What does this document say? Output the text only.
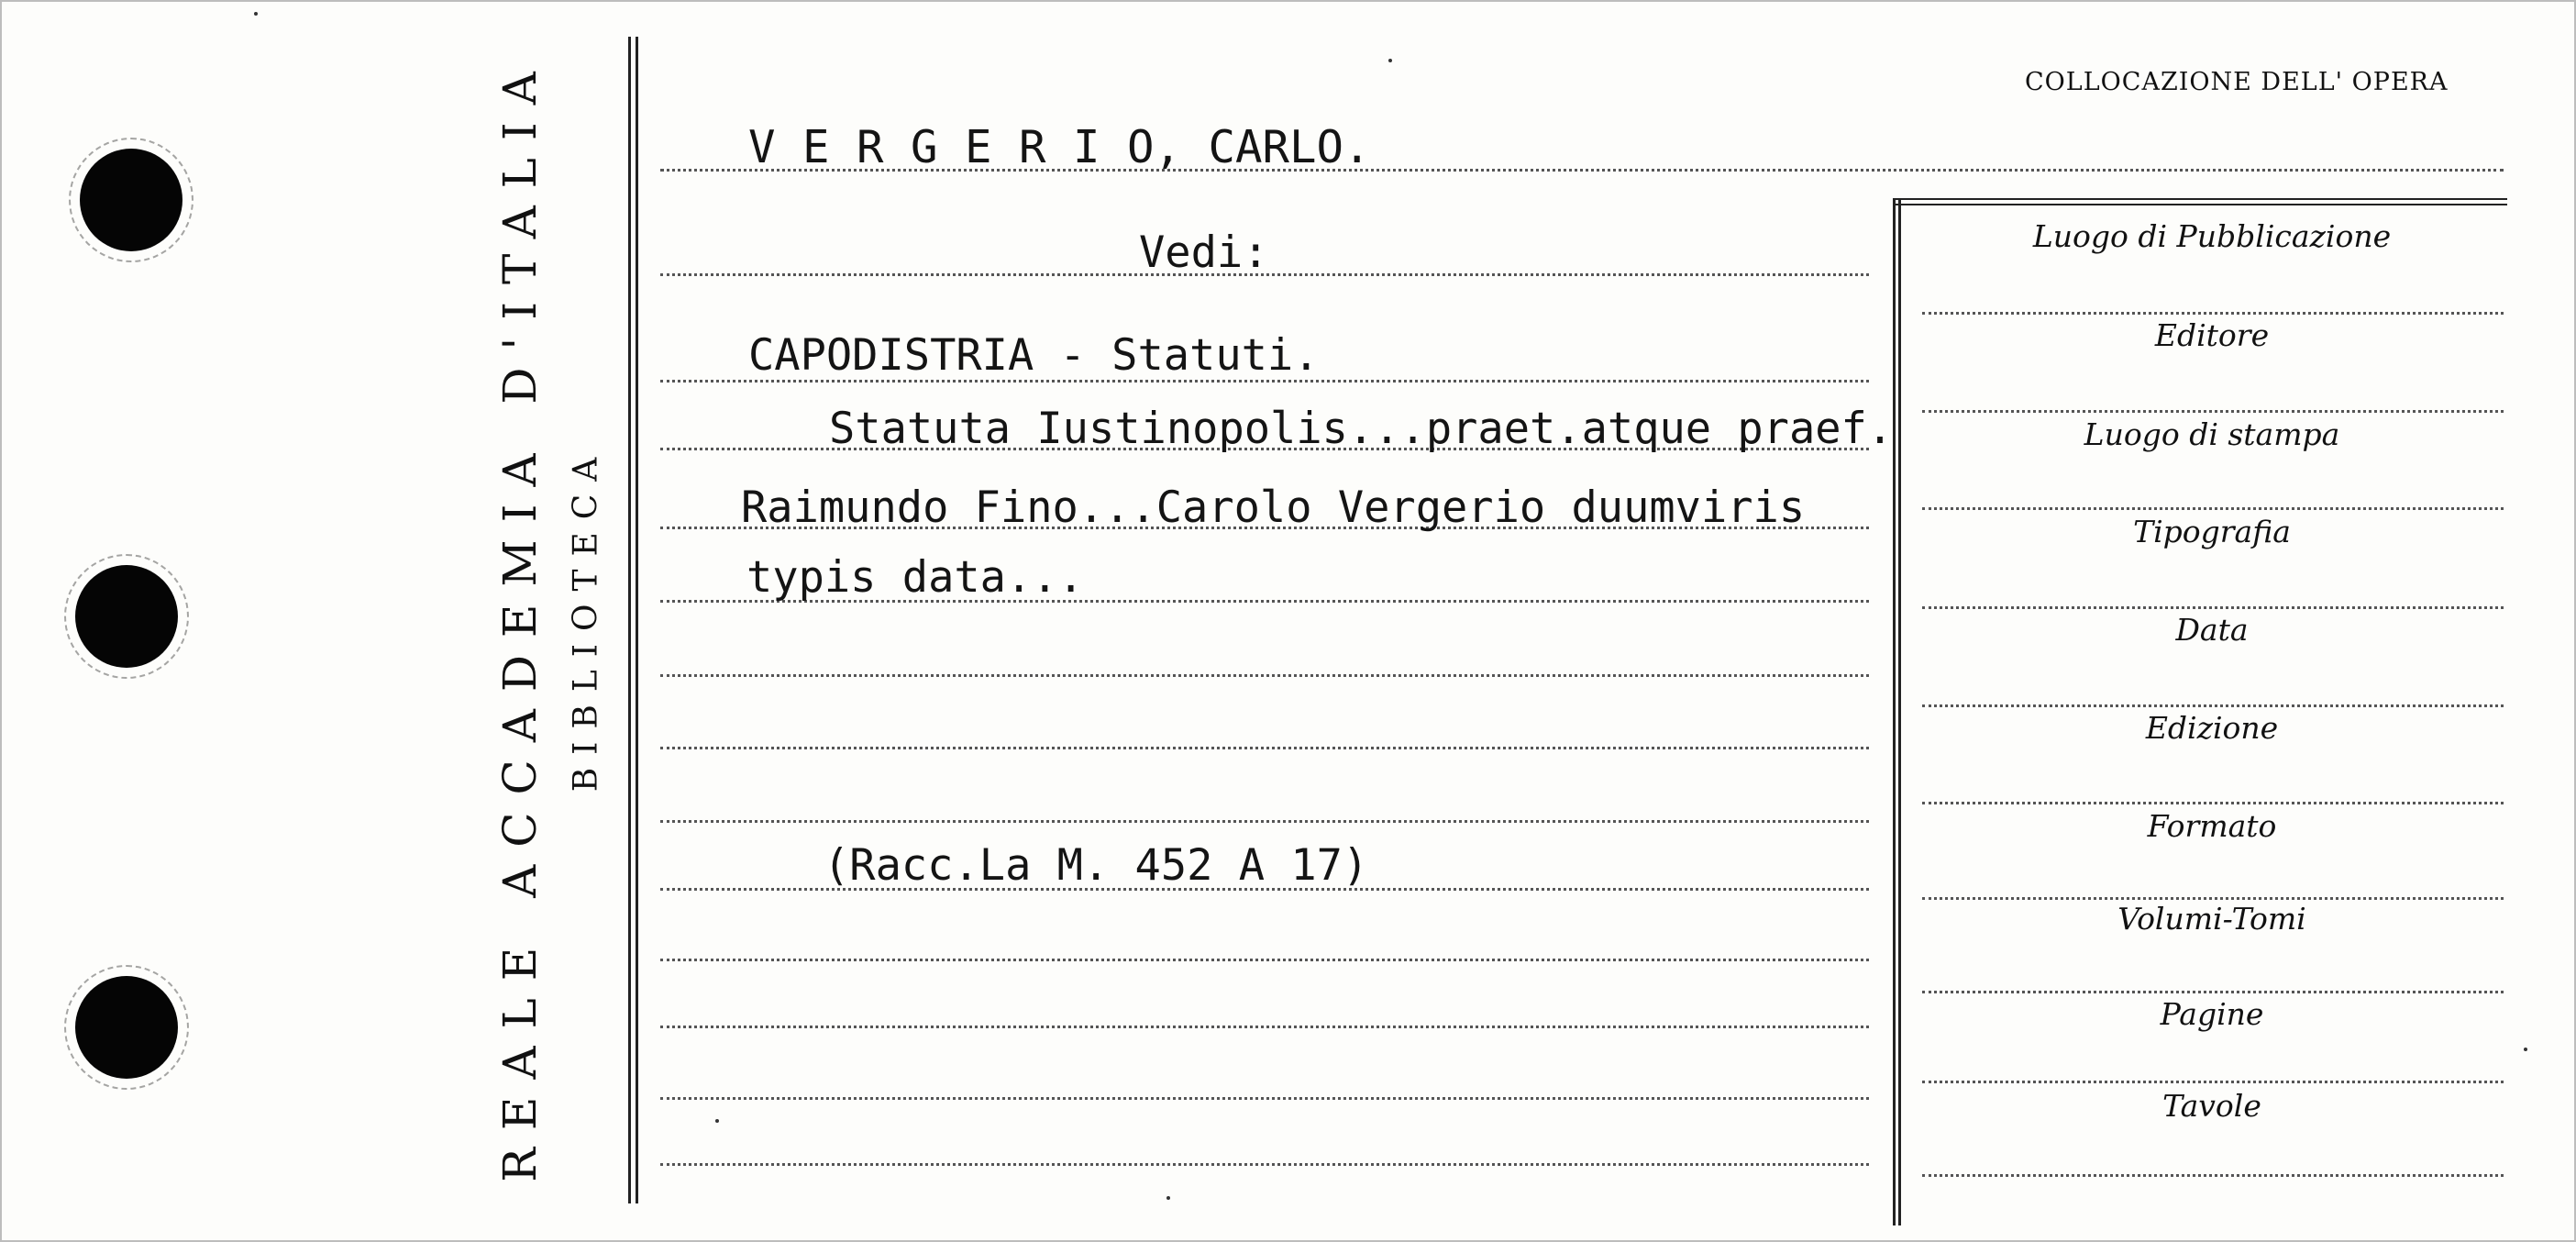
REALE ACCADEMIA D'ITALIA BIBLIOTECA
COLLOCAZIONE DELL' OPERA
V E R G E R I O, CARLO.
Vedi:
CAPODISTRIA - Statuti.
Statuta Iustinopolis...praet.atque praef.
Raimundo Fino...Carolo Vergerio duumviris
typis data...
(Racc.La M. 452 A 17)
Luogo di Pubblicazione
Editore
Luogo di stampa
Tipografia
Data
Edizione
Formato
Volumi-Tomi
Pagine
Tavole
